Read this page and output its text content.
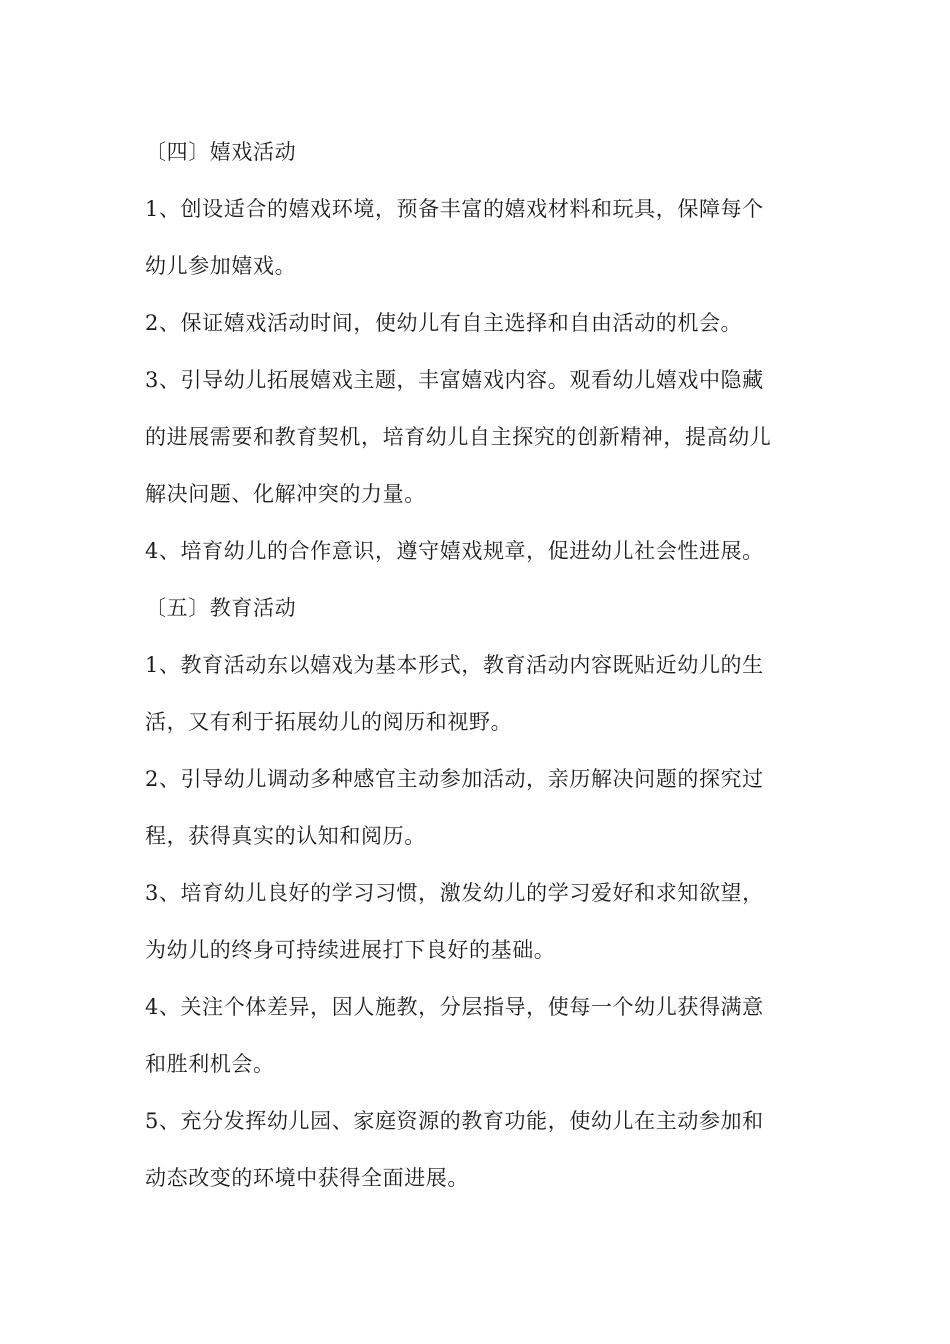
〔四〕嬉戏活动
1、创设适合的嬉戏环境，预备丰富的嬉戏材料和玩具，保障每个
幼儿参加嬉戏。
2、保证嬉戏活动时间，使幼儿有自主选择和自由活动的机会。
3、引导幼儿拓展嬉戏主题，丰富嬉戏内容。观看幼儿嬉戏中隐藏
的进展需要和教育契机，培育幼儿自主探究的创新精神，提高幼儿
解决问题、化解冲突的力量。
4、培育幼儿的合作意识，遵守嬉戏规章，促进幼儿社会性进展。
〔五〕教育活动
1、教育活动东以嬉戏为基本形式，教育活动内容既贴近幼儿的生
活，又有利于拓展幼儿的阅历和视野。
2、引导幼儿调动多种感官主动参加活动，亲历解决问题的探究过
程，获得真实的认知和阅历。
3、培育幼儿良好的学习习惯，激发幼儿的学习爱好和求知欲望，
为幼儿的终身可持续进展打下良好的基础。
4、关注个体差异，因人施教，分层指导，使每一个幼儿获得满意
和胜利机会。
5、充分发挥幼儿园、家庭资源的教育功能，使幼儿在主动参加和
动态改变的环境中获得全面进展。
